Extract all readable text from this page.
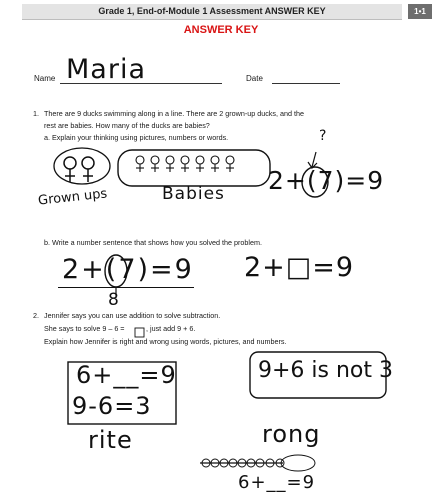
Grade 1, End-of-Module 1 Assessment ANSWER KEY	1•1
ANSWER KEY
Name Maria	Date
1. There are 9 ducks swimming along in a line. There are 2 grown-up ducks, and the
rest are babies. How many of the ducks are babies?
a. Explain your thinking using pictures, numbers or words.	?
Grown ups	Babies 2+(7)=9
b. Write a number sentence that shows how you solved the problem.
2+(7)=9
8
2+□=9
2. Jennifer says you can use addition to solve subtraction.
She says to solve 9 – 6 =	, just add 9 + 6.
Explain how Jennifer is right and wrong using words, pictures, and numbers.
6+__=9
9-6=3
rite
9+6 is not 3
rong
6+__=9
